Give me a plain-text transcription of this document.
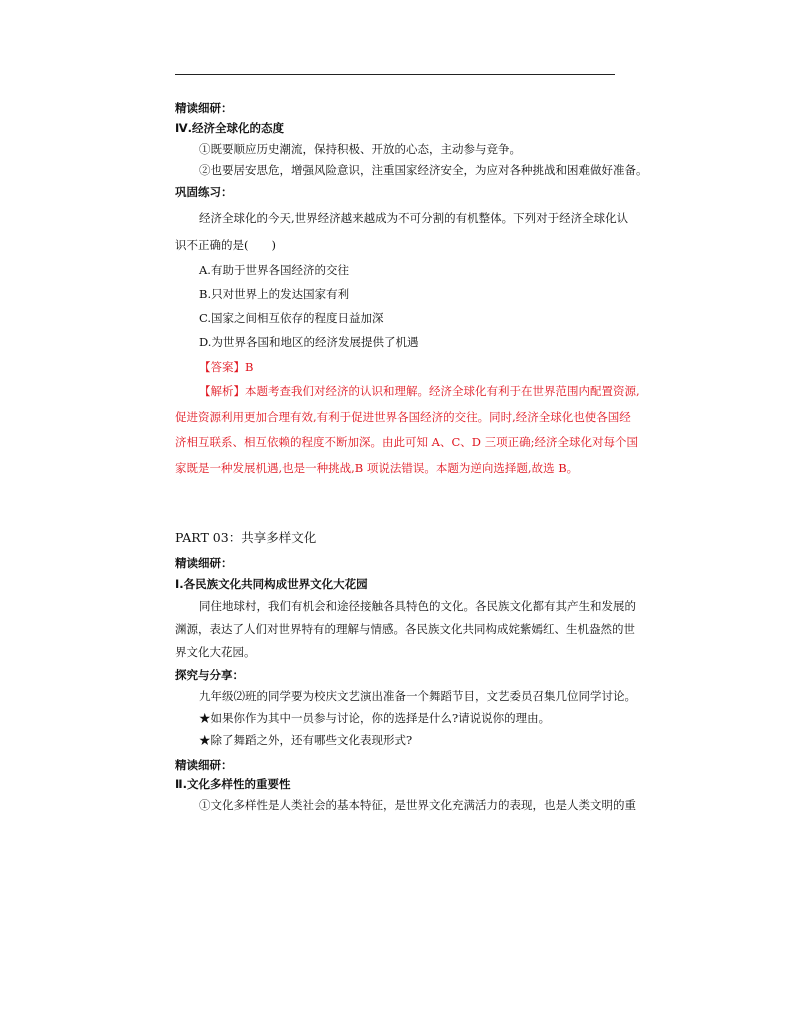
精读细研：
Ⅳ.经济全球化的态度
①既要顺应历史潮流，保持积极、开放的心态，主动参与竞争。
②也要居安思危，增强风险意识，注重国家经济安全，为应对各种挑战和困难做好准备。
巩固练习：
经济全球化的今天,世界经济越来越成为不可分割的有机整体。下列对于经济全球化认
识不正确的是(　　)
A.有助于世界各国经济的交往
B.只对世界上的发达国家有利
C.国家之间相互依存的程度日益加深
D.为世界各国和地区的经济发展提供了机遇
【答案】B
【解析】本题考查我们对经济的认识和理解。经济全球化有利于在世界范围内配置资源,
促进资源利用更加合理有效,有利于促进世界各国经济的交往。同时,经济全球化也使各国经
济相互联系、相互依赖的程度不断加深。由此可知 A、C、D 三项正确;经济全球化对每个国
家既是一种发展机遇,也是一种挑战,B 项说法错误。本题为逆向选择题,故选 B。
PART 03：共享多样文化
精读细研：
Ⅰ.各民族文化共同构成世界文化大花园
同住地球村，我们有机会和途径接触各具特色的文化。各民族文化都有其产生和发展的
渊源，表达了人们对世界特有的理解与情感。各民族文化共同构成姹紫嫣红、生机盎然的世
界文化大花园。
探究与分享：
九年级⑵班的同学要为校庆文艺演出准备一个舞蹈节目，文艺委员召集几位同学讨论。
★如果你作为其中一员参与讨论，你的选择是什么?请说说你的理由。
★除了舞蹈之外，还有哪些文化表现形式?
精读细研：
Ⅱ.文化多样性的重要性
①文化多样性是人类社会的基本特征，是世界文化充满活力的表现，也是人类文明的重
